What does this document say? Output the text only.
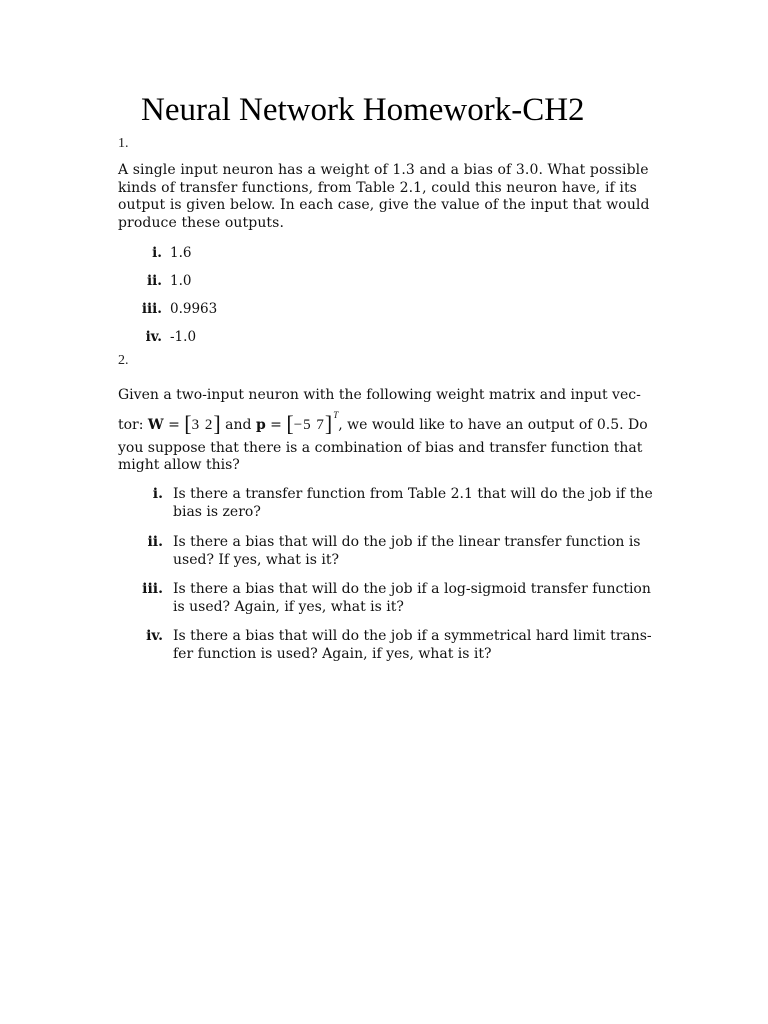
Neural Network Homework-CH2
1.
A single input neuron has a weight of 1.3 and a bias of 3.0. What possible
kinds of transfer functions, from Table 2.1, could this neuron have, if its
output is given below. In each case, give the value of the input that would
produce these outputs.
i. 1.6
ii. 1.0
iii. 0.9963
iv. -1.0
2.
Given a two-input neuron with the following weight matrix and input vec-
tor: W = [3 2] and p = [−5 7]$^T$, we would like to have an output of 0.5. Do
you suppose that there is a combination of bias and transfer function that
might allow this?
i. Is there a transfer function from Table 2.1 that will do the job if the
bias is zero?
ii. Is there a bias that will do the job if the linear transfer function is
used? If yes, what is it?
iii. Is there a bias that will do the job if a log-sigmoid transfer function
is used? Again, if yes, what is it?
iv. Is there a bias that will do the job if a symmetrical hard limit trans-
fer function is used? Again, if yes, what is it?
